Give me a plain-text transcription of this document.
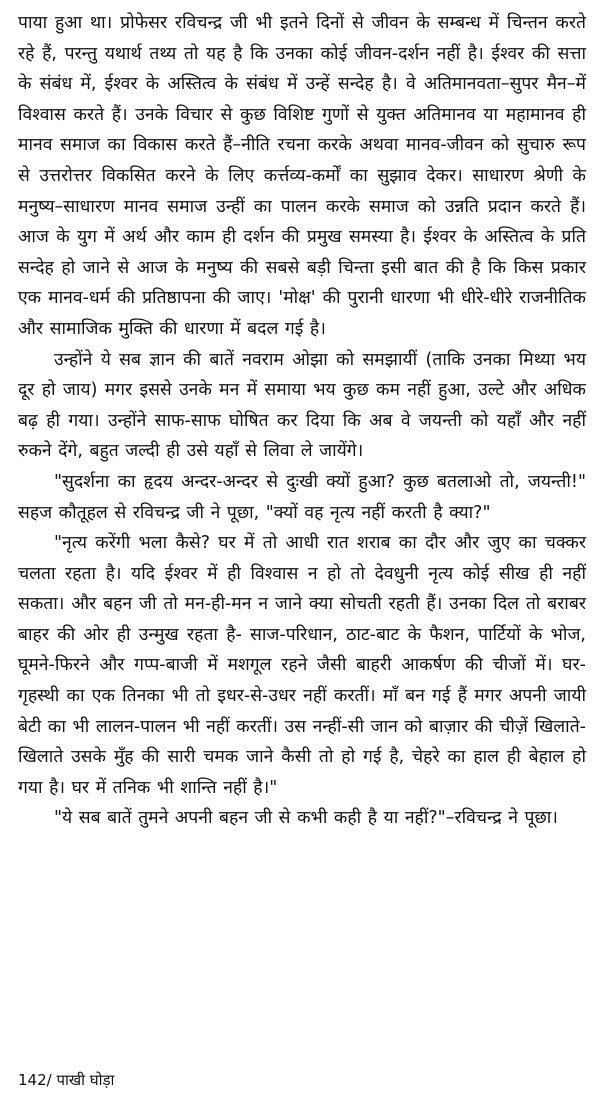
पाया हुआ था। प्रोफेसर रविचन्द्र जी भी इतने दिनों से जीवन के सम्बन्ध में चिन्तन करते रहे हैं, परन्तु यथार्थ तथ्य तो यह है कि उनका कोई जीवन-दर्शन नहीं है। ईश्वर की सत्ता के संबंध में, ईश्वर के अस्तित्व के संबंध में उन्हें सन्देह है। वे अतिमानवता–सुपर मैन–में विश्वास करते हैं। उनके विचार से कुछ विशिष्ट गुणों से युक्त अतिमानव या महामानव ही मानव समाज का विकास करते हैं–नीति रचना करके अथवा मानव-जीवन को सुचारु रूप से उत्तरोत्तर विकसित करने के लिए कर्त्तव्य-कर्मों का सुझाव देकर। साधारण श्रेणी के मनुष्य–साधारण मानव समाज उन्हीं का पालन करके समाज को उन्नति प्रदान करते हैं। आज के युग में अर्थ और काम ही दर्शन की प्रमुख समस्या है। ईश्वर के अस्तित्व के प्रति सन्देह हो जाने से आज के मनुष्य की सबसे बड़ी चिन्ता इसी बात की है कि किस प्रकार एक मानव-धर्म की प्रतिष्ठापना की जाए। 'मोक्ष' की पुरानी धारणा भी धीरे-धीरे राजनीतिक और सामाजिक मुक्ति की धारणा में बदल गई है।

उन्होंने ये सब ज्ञान की बातें नवराम ओझा को समझायीं (ताकि उनका मिथ्या भय दूर हो जाय) मगर इससे उनके मन में समाया भय कुछ कम नहीं हुआ, उल्टे और अधिक बढ़ ही गया। उन्होंने साफ-साफ घोषित कर दिया कि अब वे जयन्ती को यहाँ और नहीं रुकने देंगे, बहुत जल्दी ही उसे यहाँ से लिवा ले जायेंगे।

"सुदर्शना का हृदय अन्दर-अन्दर से दुःखी क्यों हुआ? कुछ बतलाओ तो, जयन्ती!" सहज कौतूहल से रविचन्द्र जी ने पूछा, "क्यों वह नृत्य नहीं करती है क्या?"

"नृत्य करेंगी भला कैसे? घर में तो आधी रात शराब का दौर और जुए का चक्कर चलता रहता है। यदि ईश्वर में ही विश्वास न हो तो देवधुनी नृत्य कोई सीख ही नहीं सकता। और बहन जी तो मन-ही-मन न जाने क्या सोचती रहती हैं। उनका दिल तो बराबर बाहर की ओर ही उन्मुख रहता है- साज-परिधान, ठाट-बाट के फैशन, पार्टियों के भोज, घूमने-फिरने और गप्प-बाजी में मशगूल रहने जैसी बाहरी आकर्षण की चीजों में। घर-गृहस्थी का एक तिनका भी तो इधर-से-उधर नहीं करतीं। माँ बन गई हैं मगर अपनी जायी बेटी का भी लालन-पालन भी नहीं करतीं। उस नन्हीं-सी जान को बाज़ार की चीज़ें खिलाते-खिलाते उसके मुँह की सारी चमक जाने कैसी तो हो गई है, चेहरे का हाल ही बेहाल हो गया है। घर में तनिक भी शान्ति नहीं है।"

"ये सब बातें तुमने अपनी बहन जी से कभी कही है या नहीं?"–रविचन्द्र ने पूछा।

142/ पाखी घोड़ा
